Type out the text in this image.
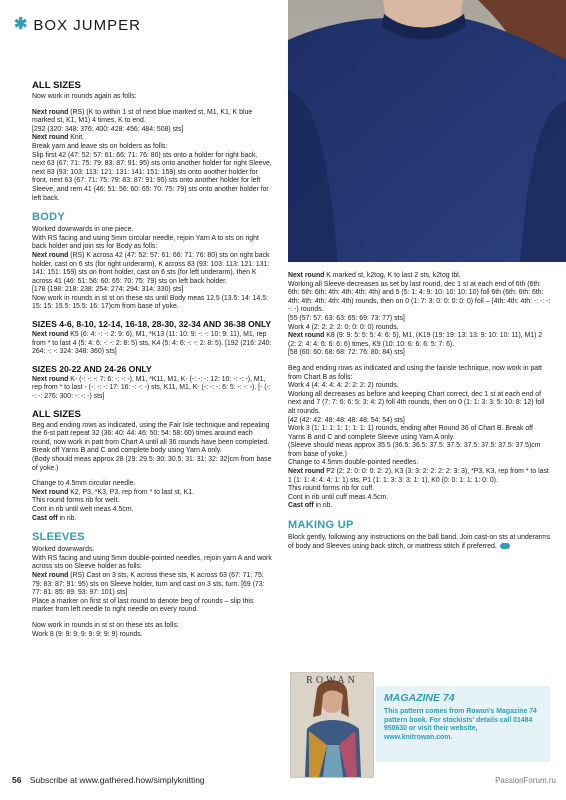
✱ BOX JUMPER
ALL SIZES

Now work in rounds again as folls:

Next round (RS) (K to within 1 st of next blue marked st, M1, K1, K blue marked st, K1, M1) 4 times, K to end.

[292 (320: 348: 376: 400: 428: 456: 484: 508) sts]

Next round Knit.

Break yarn and leave sts on holders as folls:

Slip first 42 (47: 52: 57: 61: 66: 71: 76: 80) sts onto a holder for right back, next 63 (67: 71: 75: 79: 83: 87: 91: 95) sts onto another holder for right Sleeve, next 83 (93: 103: 113: 121: 131: 141: 151: 159) sts onto another holder for front, next 63 (67: 71: 75: 79: 83: 87: 91: 95) sts onto another holder for left Sleeve, and rem 41 (46: 51: 56: 60: 65: 70: 75: 79) sts onto another holder for left back.

BODY

Worked downwards in one piece.

With RS facing and using 5mm circular needle, rejoin Yarn A to sts on right back holder and join sts for Body as folls:

Next round (RS) K across 42 (47: 52: 57: 61: 66: 71: 76: 80) sts on right back holder, cast on 6 sts (for right underarm), K across 83 (93: 103: 113: 121: 131: 141: 151: 159) sts on front holder, cast on 6 sts (for left underarm), then K across 41 (46: 51: 56: 60: 65: 70: 75: 79) sts on left back holder.

[178 (198: 218: 238: 254: 274: 294: 314: 330) sts]

Now work in rounds in st st on these sts until Body meas 12.5 (13.5: 14: 14.5: 15: 15: 15.5: 15.5: 16: 17)cm from base of yoke.

SIZES 4-6, 8-10, 12-14, 16-18, 28-30, 32-34 AND 36-38 ONLY

Next round K5 (6: 4: -: -: 2: 9: 6), M1, *K13 (11: 10: 9: -: -: 10: 9: 11), M1, rep from * to last 4 (5: 4: 6: -: -: 2: 8: 5) sts, K4 (5: 4: 6: -: -: 2: 8: 5). [192 (216: 240: 264: -: -: 324: 348: 360) sts]

SIZES 20-22 AND 24-26 ONLY

Next round K- (-: -: -: 7: 6: -: -: -), M1, *K11, M1, K- (-: -: -: 12: 10: -: -: -), M1, rep from * to last - (-: -: -: 17: 16: -: -: -) sts, K11, M1, K- (-: -: -: 6: 5: -: -: -). [- (-: -: -: 276: 300: -: -: -) sts]

ALL SIZES

Beg and ending rows as indicated, using the Fair Isle technique and repeating the 6-st patt repeat 32 (36: 40: 44: 46: 50: 54: 58: 60) times around each round, now work in patt from Chart A until all 36 rounds have been completed.

Break off Yarns B and C and complete body using Yarn A only.

(Body should meas approx 28 (29: 29.5: 30: 30.5: 31: 31: 32: 32)cm from base of yoke.)

Change to 4.5mm circular needle.

Next round K2, P3, *K3, P3, rep from * to last st, K1.

This round forms rib for welt.

Cont in rib until welt meas 4.5cm.

Cast off in rib.

SLEEVES

Worked downwards.

With RS facing and using 5mm double-pointed needles, rejoin yarn A and work across sts on Sleeve holder as folls:

Next round (RS) Cast on 3 sts, K across these sts, K across 63 (67: 71: 75: 79: 83: 87: 91: 95) sts on Sleeve holder, turn and cast on 3 sts, turn. [69 (73: 77: 81: 85: 89: 93: 97: 101) sts]

Place a marker on first st of last round to denote beg of rounds – slip this marker from left needle to right needle on every round.

Now work in rounds in st st on these sts as folls:

Work 8 (9: 9: 9: 9: 9: 9: 9: 9) rounds.

Next round K marked st, k2tog, K to last 2 sts, k2tog tbl.

Working all Sleeve decreases as set by last round, dec 1 st at each end of 6th (6th: 6th: 6th: 6th: 4th: 4th: 4th: 4th) and 5 (5: 1: 4: 9: 10: 10: 10: 10) foll 6th (6th: 6th: 6th: 4th: 4th: 4th: 4th: 4th) rounds, then on 0 (1: 7: 3: 0: 0: 0: 0: 0) foll – (4th: 4th: 4th: -: -: -: -: -) rounds.

[55 (57: 57: 63: 63: 65: 69: 73: 77) sts]

Work 4 (2: 2: 2: 2: 0: 0: 0: 0) rounds.

Next round K8 (9: 9: 5: 5: 5: 4: 6: 5), M1, (K19 (19: 19: 13: 13: 9: 10: 10: 11), M1) 2 (2: 2: 4: 4: 6: 6: 6: 6) times, K9 (10: 10: 6: 6: 6: 5: 7: 6).

[58 (60: 60: 68: 68: 72: 76: 80: 84) sts]

Beg and ending rows as indicated and using the fairisle technique, now work in patt from Chart B as folls:

Work 4 (4: 4: 4: 4: 2: 2: 2: 2) rounds.

Working all decreases as before and keeping Chart correct, dec 1 st at each end of next and 7 (7: 7: 6: 6: 5: 3: 4: 2) foll 4th rounds, then on 0 (1: 1: 3: 3: 5: 10: 8: 12) foll alt rounds.

[42 (42: 42: 48: 48: 48: 48: 54: 54) sts]

Work 3 (1: 1: 1: 1: 1: 1: 1: 1) rounds, ending after Round 36 of Chart B. Break off Yarns B and C and complete Sleeve using Yarn A only.

(Sleeve should meas approx 35.5 (36.5: 36.5: 37.5: 37.5: 37.5: 37.5: 37.5: 37.5)cm from base of yoke.)

Change to 4.5mm double-pointed needles.

Next round P2 (2: 2: 0: 0: 0: 2: 2), K3 (3: 3: 2: 2: 2: 2: 3: 3), *P3, K3, rep from * to last 1 (1: 1: 4: 4: 4: 1: 1) sts, P1 (1: 1: 3: 3: 3: 1: 1), K0 (0: 0: 1: 1: 1: 0: 0).

This round forms rib for cuff.

Cont in rib until cuff meas 4.5cm.

Cast off in rib.

MAKING UP

Block gently, following any instructions on the ball band. Join cast-on sts at underarms of body and Sleeves using back stitch, or mattress stitch if preferred.

ROWAN
MAGAZINE 74
This pattern comes from Rowan's Magazine 74 pattern book. For stockists' details call 01484 950630 or visit their website, www.knitrowan.com.
56 Subscribe at www.gathered.how/simplyknitting	PassionForum.ru
